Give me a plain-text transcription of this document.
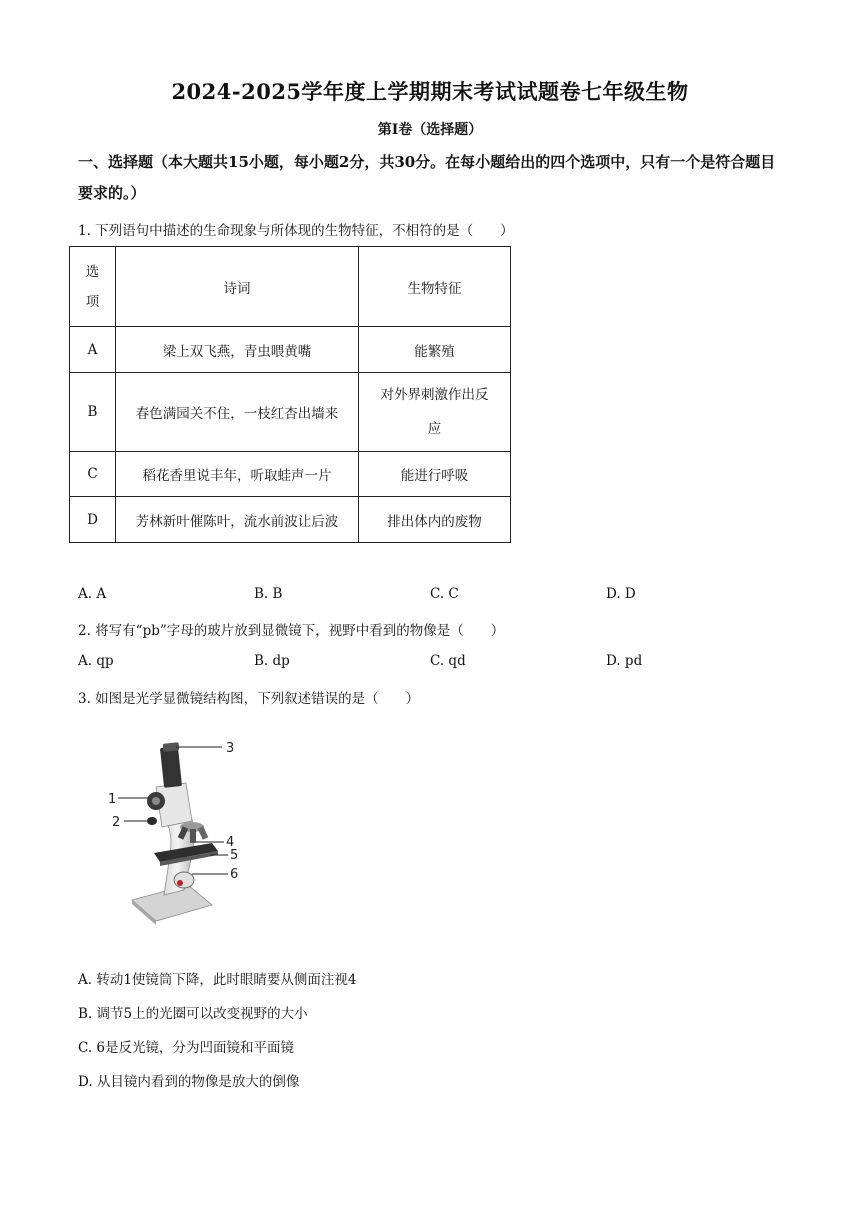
2024-2025学年度上学期期末考试试题卷七年级生物
第Ⅰ卷（选择题）
一、选择题（本大题共15小题，每小题2分，共30分。在每小题给出的四个选项中，只有一个是符合题目要求的。）
1. 下列语句中描述的生命现象与所体现的生物特征，不相符的是（　　）
选
项	诗词	生物特征
A	梁上双飞燕，青虫喂黄嘴	能繁殖
B	春色满园关不住，一枝红杏出墙来	对外界刺激作出反
应

C	稻花香里说丰年，听取蛙声一片	能进行呼吸
D	芳林新叶催陈叶，流水前波让后波	排出体内的废物
A. A	B. B	C. C	D. D
2. 将写有“pb”字母的玻片放到显微镜下，视野中看到的物像是（　　）
A. qp	B. dp	C. qd	D. pd
3. 如图是光学显微镜结构图，下列叙述错误的是（　　）
3
1
2
4
5
6
A. 转动1使镜筒下降，此时眼睛要从侧面注视4
B. 调节5上的光圈可以改变视野的大小
C. 6是反光镜，分为凹面镜和平面镜
D. 从目镜内看到的物像是放大的倒像
